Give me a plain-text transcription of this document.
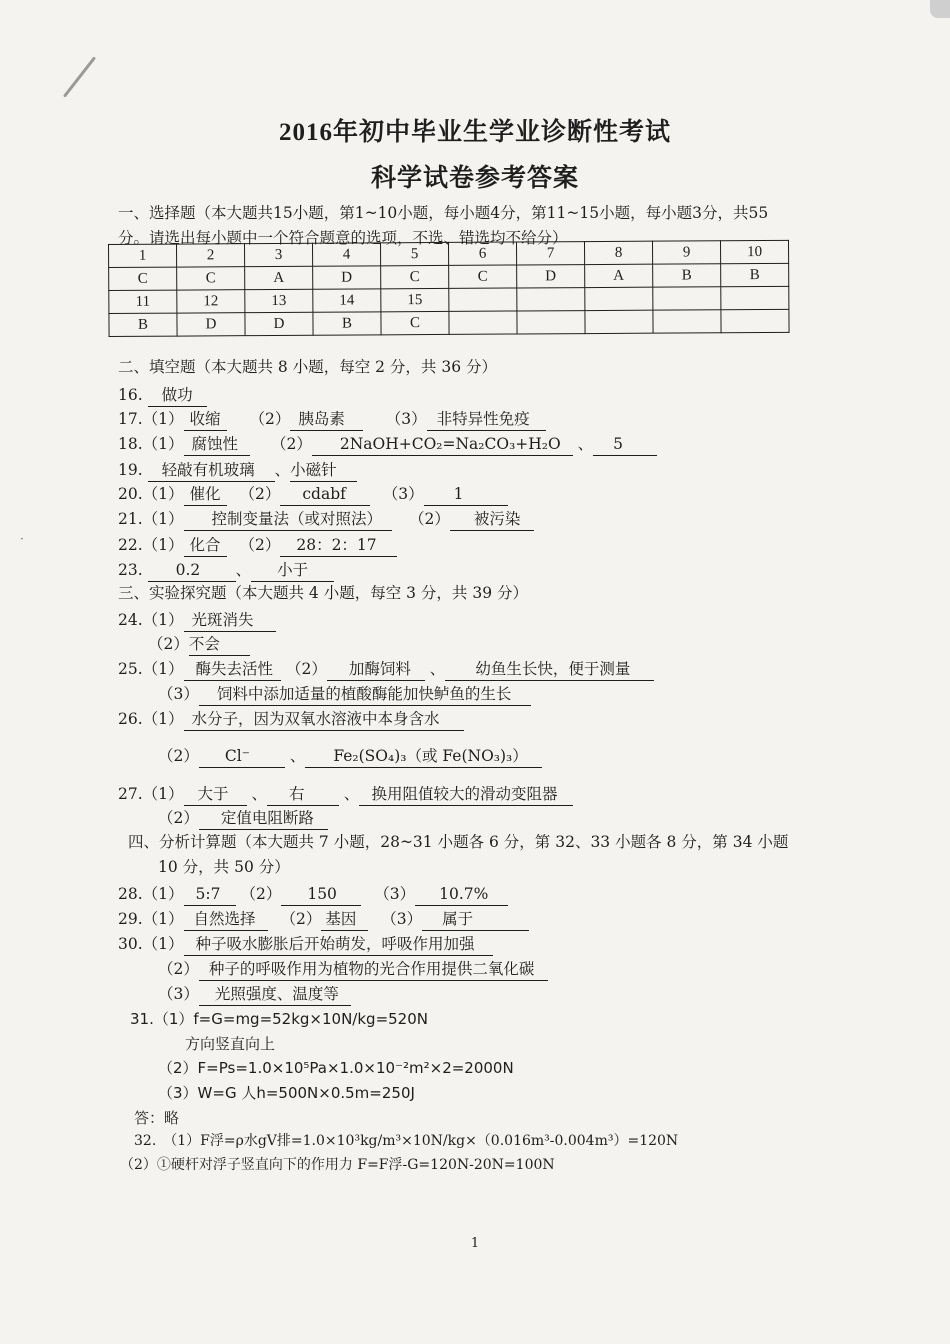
·
2016年初中毕业生学业诊断性考试
科学试卷参考答案
一、选择题（本大题共15小题，第1~10小题，每小题4分，第11~15小题，每小题3分，共55
分。请选出每小题中一个符合题意的选项，不选、错选均不给分）
1	2	3	4	5	6	7	8	9	10
C	C	A	D	C	C	D	A	B	B
11	12	13	14	15					
B	D	D	B	C					
二、填空题（本大题共 8 小题，每空 2 分，共 36 分）
16. 做功
17.（1） 收缩 （2） 胰岛素	（3） 非特异性免疫
18.（1） 腐蚀性 （2） 2NaOH+CO₂=Na₂CO₃+H₂O 、 5
19. 轻敲有机玻璃 、小磁针
20.（1） 催化 （2） cdabf （3） 1
21.（1） 控制变量法（或对照法） （2） 被污染
22.（1） 化合 （2） 28：2：17
23. 0.2 、 小于
三、实验探究题（本大题共 4 小题，每空 3 分，共 39 分）
24.（1） 光斑消失
（2）不会
25.（1） 酶失去活性 （2） 加酶饲料 、 幼鱼生长快，便于测量
（3） 饲料中添加适量的植酸酶能加快鲈鱼的生长
26.（1） 水分子，因为双氧水溶液中本身含水
（2） Cl⁻	、 Fe₂(SO₄)₃（或 Fe(NO₃)₃）
27.（1） 大于 、 右	、 换用阻值较大的滑动变阻器
（2） 定值电阻断路
四、分析计算题（本大题共 7 小题，28~31 小题各 6 分，第 32、33 小题各 8 分，第 34 小题
10 分，共 50 分）
28.（1） 5:7 （2） 150 （3） 10.7%
29.（1） 自然选择 （2） 基因 （3） 属于
30.（1） 种子吸水膨胀后开始萌发，呼吸作用加强
（2） 种子的呼吸作用为植物的光合作用提供二氧化碳
（3） 光照强度、温度等
31.（1）f=G=mg=52kg×10N/kg=520N
方向竖直向上
（2）F=Ps=1.0×10⁵Pa×1.0×10⁻²m²×2=2000N
（3）W=G 人h=500N×0.5m=250J
答：略
32.　（1）F浮=ρ水gV排=1.0×10³kg/m³×10N/kg×（0.016m³-0.004m³）=120N
（2）①硬杆对浮子竖直向下的作用力 F=F浮-G=120N-20N=100N
1
